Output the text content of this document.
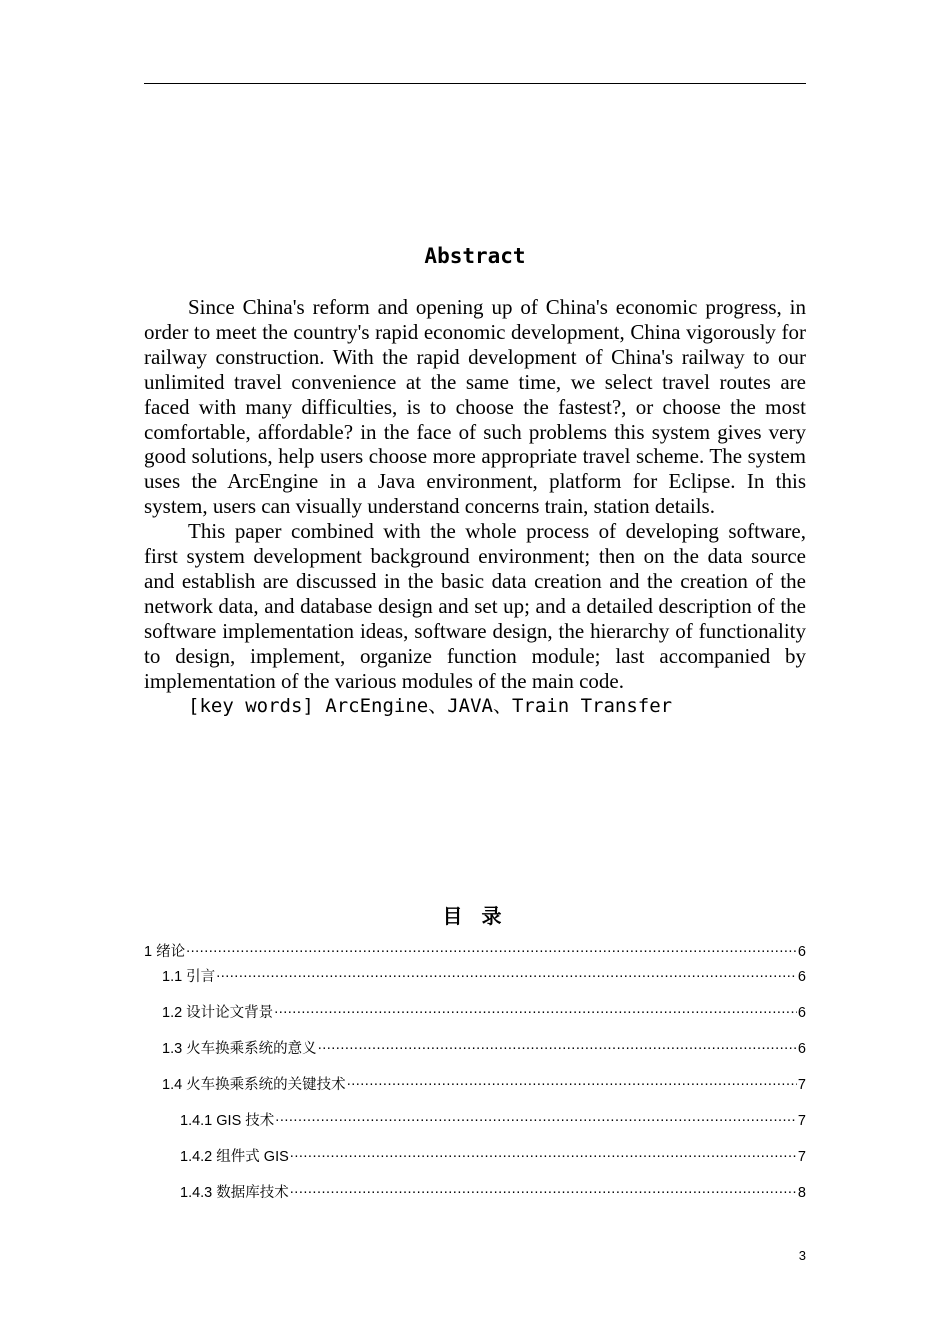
Abstract

Since China's reform and opening up of China's economic progress, in order to meet the country's rapid economic development, China vigorously for railway construction. With the rapid development of China's railway to our unlimited travel convenience at the same time, we select travel routes are faced with many difficulties, is to choose the fastest?, or choose the most comfortable, affordable? in the face of such problems this system gives very good solutions, help users choose more appropriate travel scheme. The system uses the ArcEngine in a Java environment, platform for Eclipse. In this system, users can visually understand concerns train, station details.

This paper combined with the whole process of developing software, first system development background environment; then on the data source and establish are discussed in the basic data creation and the creation of the network data, and database design and set up; and a detailed description of the software implementation ideas, software design, the hierarchy of functionality to design, implement, organize function module; last accompanied by implementation of the various modules of the main code.

[key words] ArcEngine、JAVA、Train Transfer

目 录
1 绪论 .....	6
1.1 引言 .....	6
1.2 设计论文背景 .....	6
1.3 火车换乘系统的意义 .....	6
1.4 火车换乘系统的关键技术 .....	7
1.4.1 GIS 技术 .....	7
1.4.2 组件式 GIS .....	7
1.4.3 数据库技术 .....	8
3
